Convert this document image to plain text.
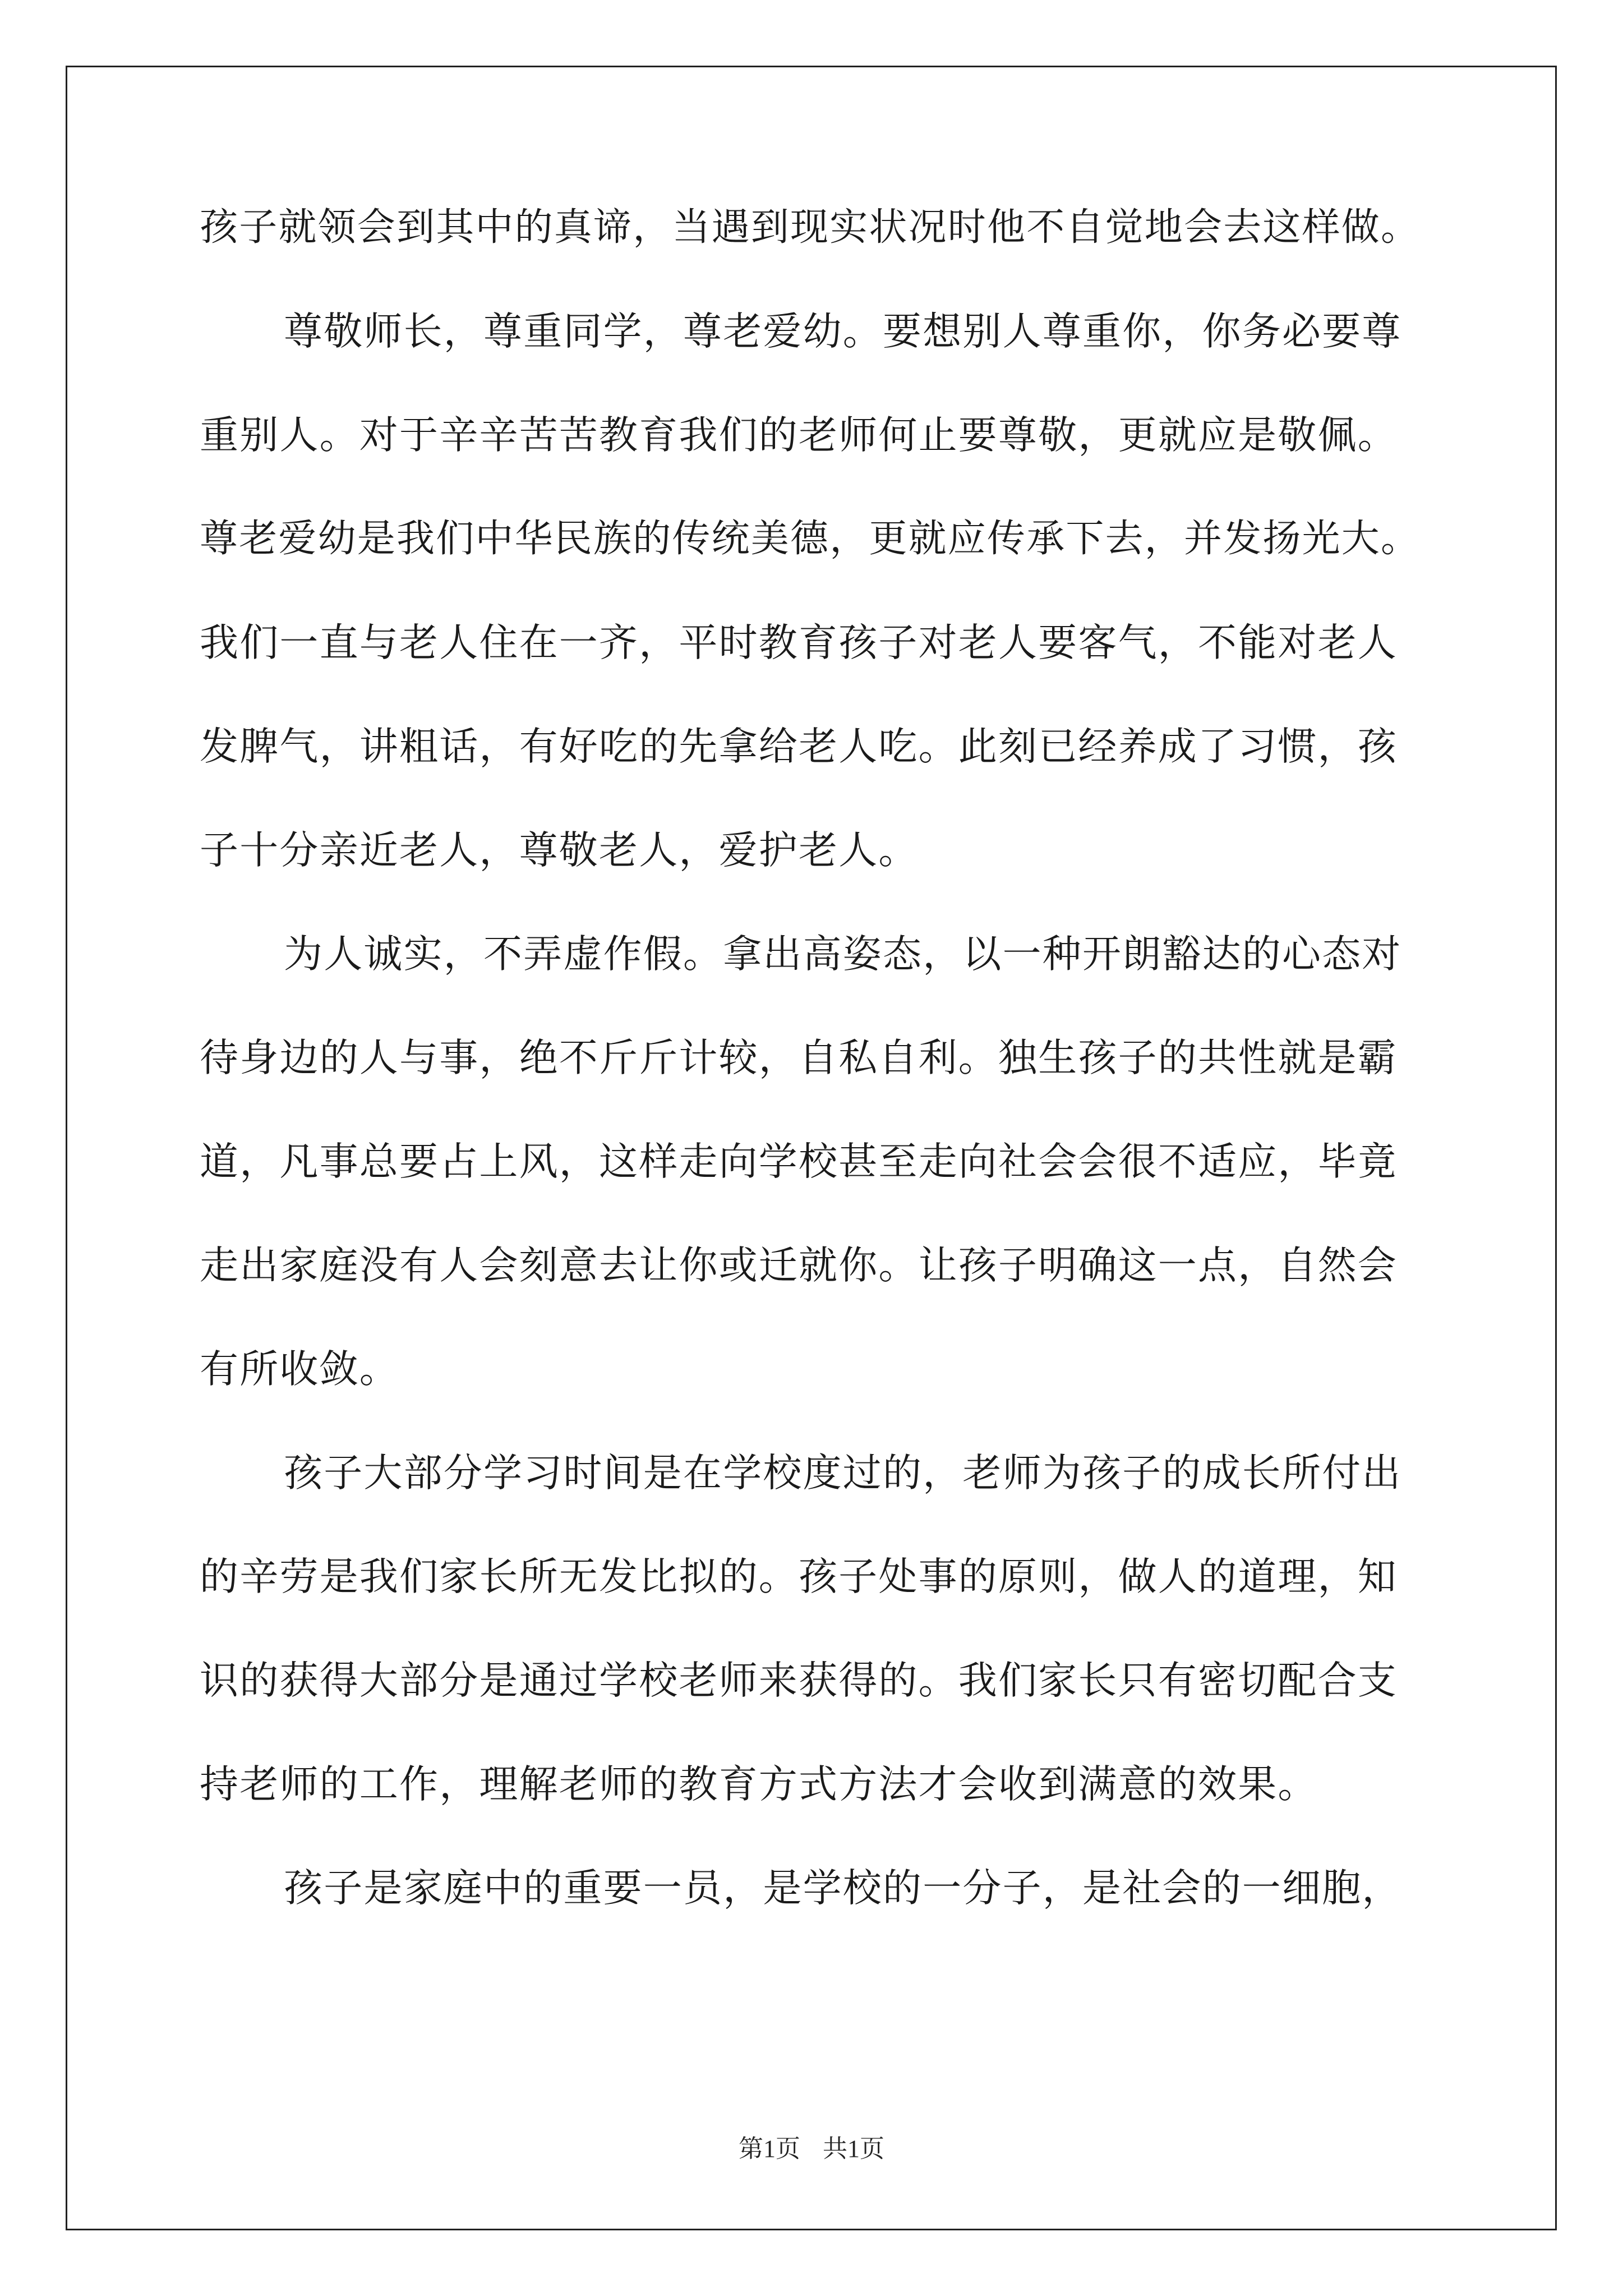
孩子就领会到其中的真谛，当遇到现实状况时他不自觉地会去这样做。
尊敬师长，尊重同学，尊老爱幼。要想别人尊重你，你务必要尊
重别人。对于辛辛苦苦教育我们的老师何止要尊敬，更就应是敬佩。
尊老爱幼是我们中华民族的传统美德，更就应传承下去，并发扬光大。
我们一直与老人住在一齐，平时教育孩子对老人要客气，不能对老人
发脾气，讲粗话，有好吃的先拿给老人吃。此刻已经养成了习惯，孩
子十分亲近老人，尊敬老人，爱护老人。
为人诚实，不弄虚作假。拿出高姿态，以一种开朗豁达的心态对
待身边的人与事，绝不斤斤计较，自私自利。独生孩子的共性就是霸
道，凡事总要占上风，这样走向学校甚至走向社会会很不适应，毕竟
走出家庭没有人会刻意去让你或迁就你。让孩子明确这一点，自然会
有所收敛。
孩子大部分学习时间是在学校度过的，老师为孩子的成长所付出
的辛劳是我们家长所无发比拟的。孩子处事的原则，做人的道理，知
识的获得大部分是通过学校老师来获得的。我们家长只有密切配合支
持老师的工作，理解老师的教育方式方法才会收到满意的效果。
孩子是家庭中的重要一员，是学校的一分子，是社会的一细胞，
第1页 共1页
